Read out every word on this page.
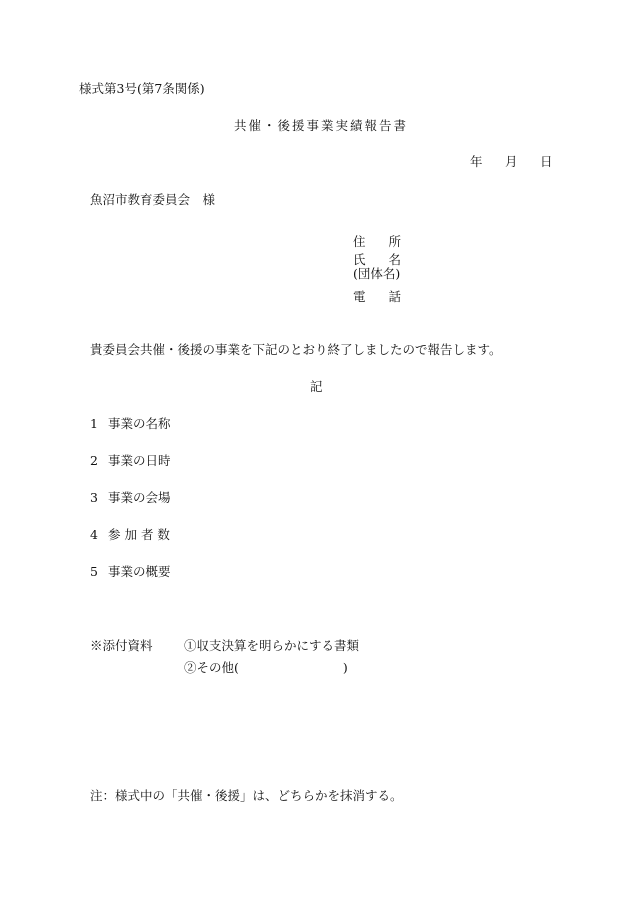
様式第3号(第7条関係)
共催・後援事業実績報告書
年 月 日
魚沼市教育委員会　様
住 所
氏 名
(団体名)
電 話
貴委員会共催・後援の事業を下記のとおり終了しましたので報告します。
記
1 事業の名称
2 事業の日時
3 事業の会場
4 参 加 者 数
5 事業の概要
※添付資料	①収支決算を明らかにする書類
②その他 (	)
注：様式中の「共催・後援」は、どちらかを抹消する。
